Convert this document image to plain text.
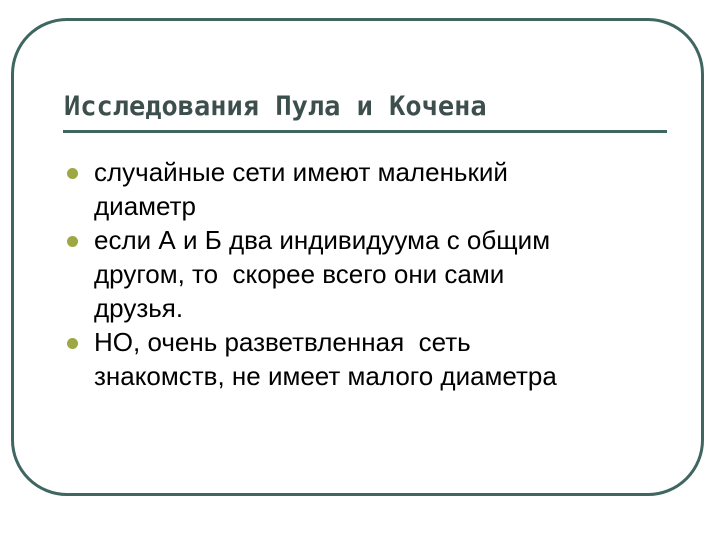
Исследования Пула и Кочена
случайные сети имеют маленький
диаметр
если А и Б два индивидуума с общим
другом, то  скорее всего они сами
друзья.
НО, очень разветвленная  сеть
знакомств, не имеет малого диаметра
